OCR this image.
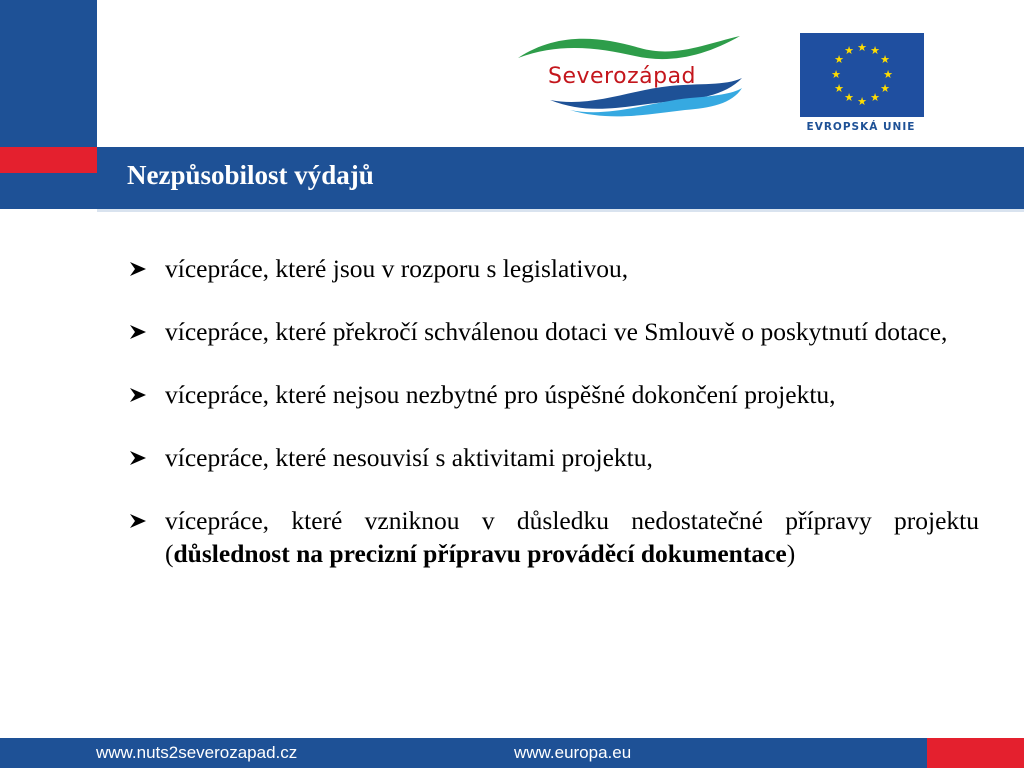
Severozápad
★ ★
★
★
★
★
★
★
★
★
★
★
EVROPSKÁ UNIE
Nezpůsobilost výdajů
vícepráce, které jsou v rozporu s legislativou,
vícepráce, které překročí schválenou dotaci ve Smlouvě o poskytnutí dotace,
vícepráce, které nejsou nezbytné pro úspěšné dokončení projektu,
vícepráce, které nesouvisí s aktivitami projektu,
vícepráce, které vzniknou v důsledku nedostatečné přípravy projektu (důslednost na precizní přípravu prováděcí dokumentace)
www.nuts2severozapad.cz	www.europa.eu
